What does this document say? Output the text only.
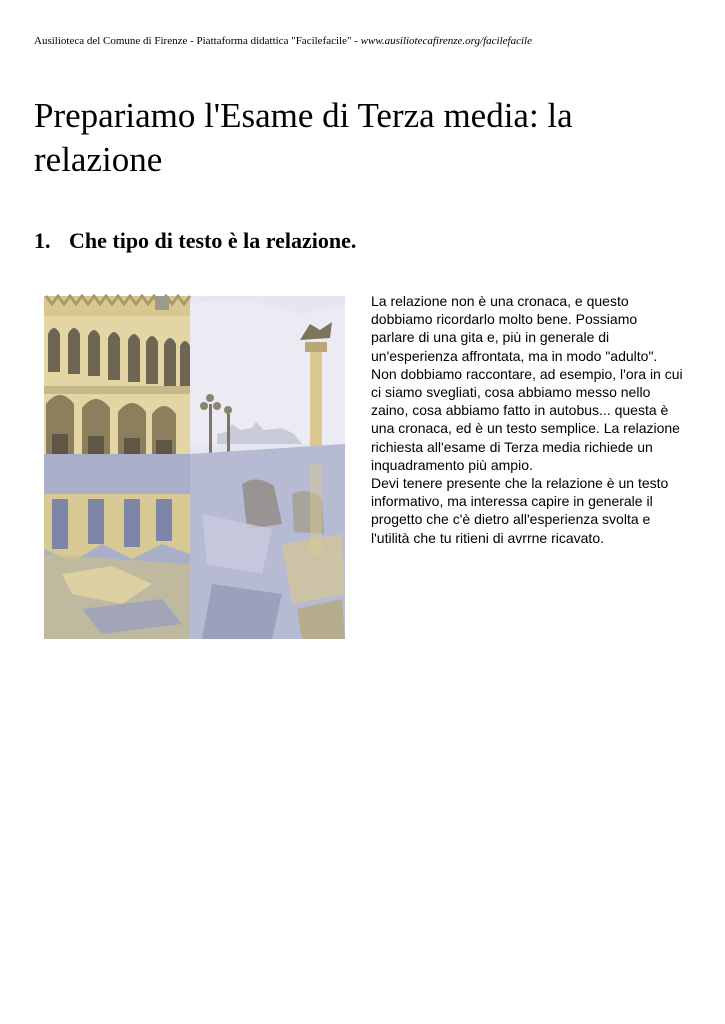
Ausilioteca del Comune di Firenze - Piattaforma didattica "Facilefacile" - www.ausiliotecafirenze.org/facilefacile
Prepariamo l'Esame di Terza media: la relazione
1. Che tipo di testo è la relazione.

La relazione non è una cronaca, e questo dobbiamo ricordarlo molto bene. Possiamo parlare di una gita e, più in generale di un'esperienza affrontata, ma in modo "adulto". Non dobbiamo raccontare, ad esempio, l'ora in cui ci siamo svegliati, cosa abbiamo messo nello zaino, cosa abbiamo fatto in autobus... questa è una cronaca, ed è un testo semplice. La relazione richiesta all'esame di Terza media richiede un inquadramento più ampio.

Devi tenere presente che la relazione è un testo informativo, ma interessa capire in generale il progetto che c'è dietro all'esperienza svolta e l'utilità che tu ritieni di avrrne ricavato.
